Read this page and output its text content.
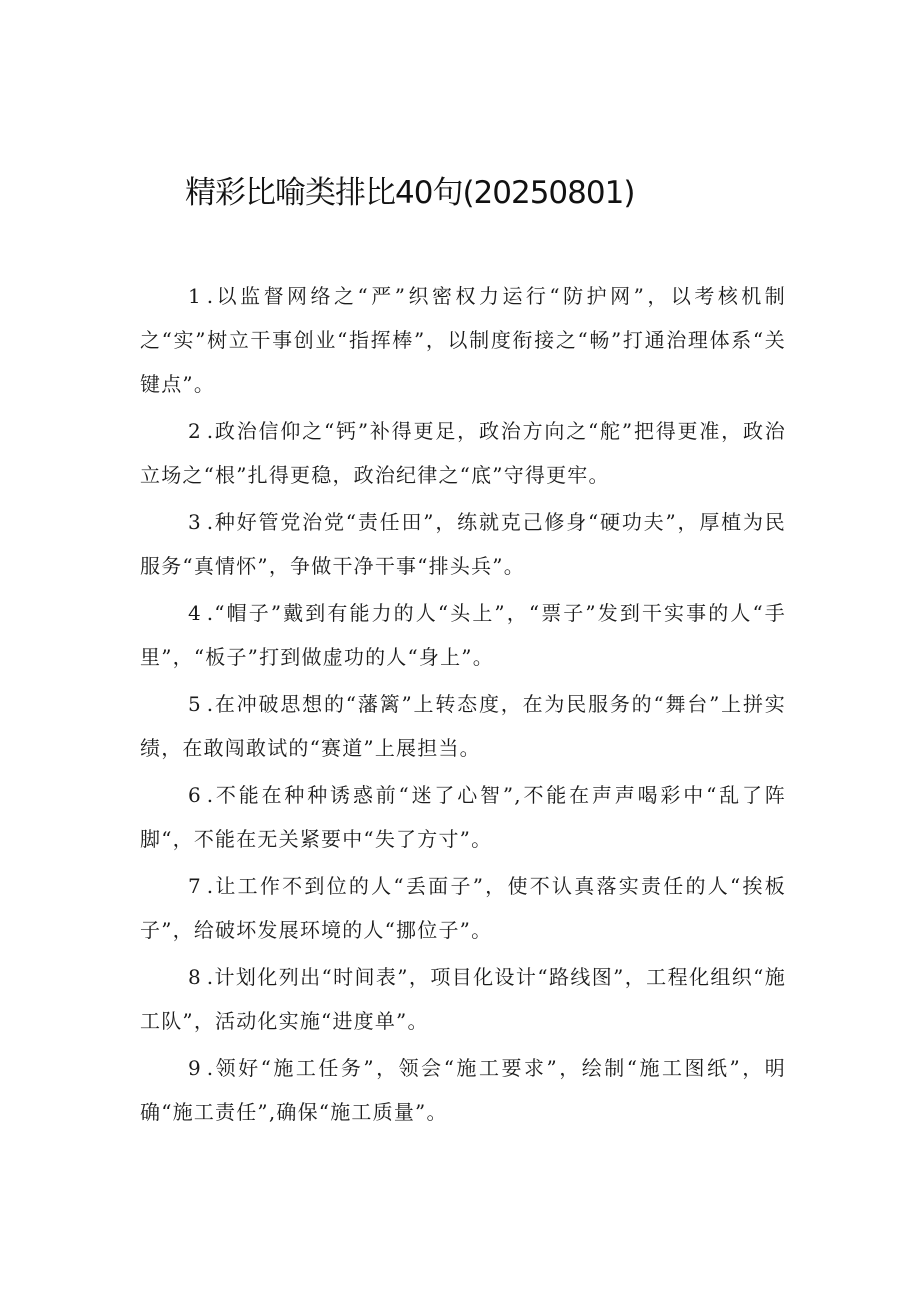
精彩比喻类排比40句(20250801)

1.以监督网络之“严”织密权力运行“防护网”，以考核机制之“实”树立干事创业“指挥棒”，以制度衔接之“畅”打通治理体系“关键点”。

2.政治信仰之“钙”补得更足，政治方向之“舵”把得更准，政治立场之“根”扎得更稳，政治纪律之“底”守得更牢。

3.种好管党治党“责任田”，练就克己修身“硬功夫”，厚植为民服务“真情怀”，争做干净干事“排头兵”。

4.“帽子”戴到有能力的人“头上”，“票子”发到干实事的人“手里”，“板子”打到做虚功的人“身上”。

5.在冲破思想的“藩篱”上转态度，在为民服务的“舞台”上拼实绩，在敢闯敢试的“赛道”上展担当。

6.不能在种种诱惑前“迷了心智”,不能在声声喝彩中“乱了阵脚“，不能在无关紧要中“失了方寸”。

7.让工作不到位的人“丢面子”，使不认真落实责任的人“挨板子”，给破坏发展环境的人“挪位子”。

8.计划化列出“时间表”，项目化设计“路线图”，工程化组织“施工队”，活动化实施“进度单”。

9.领好“施工任务”，领会“施工要求”，绘制“施工图纸”，明确“施工责任”,确保“施工质量”。
